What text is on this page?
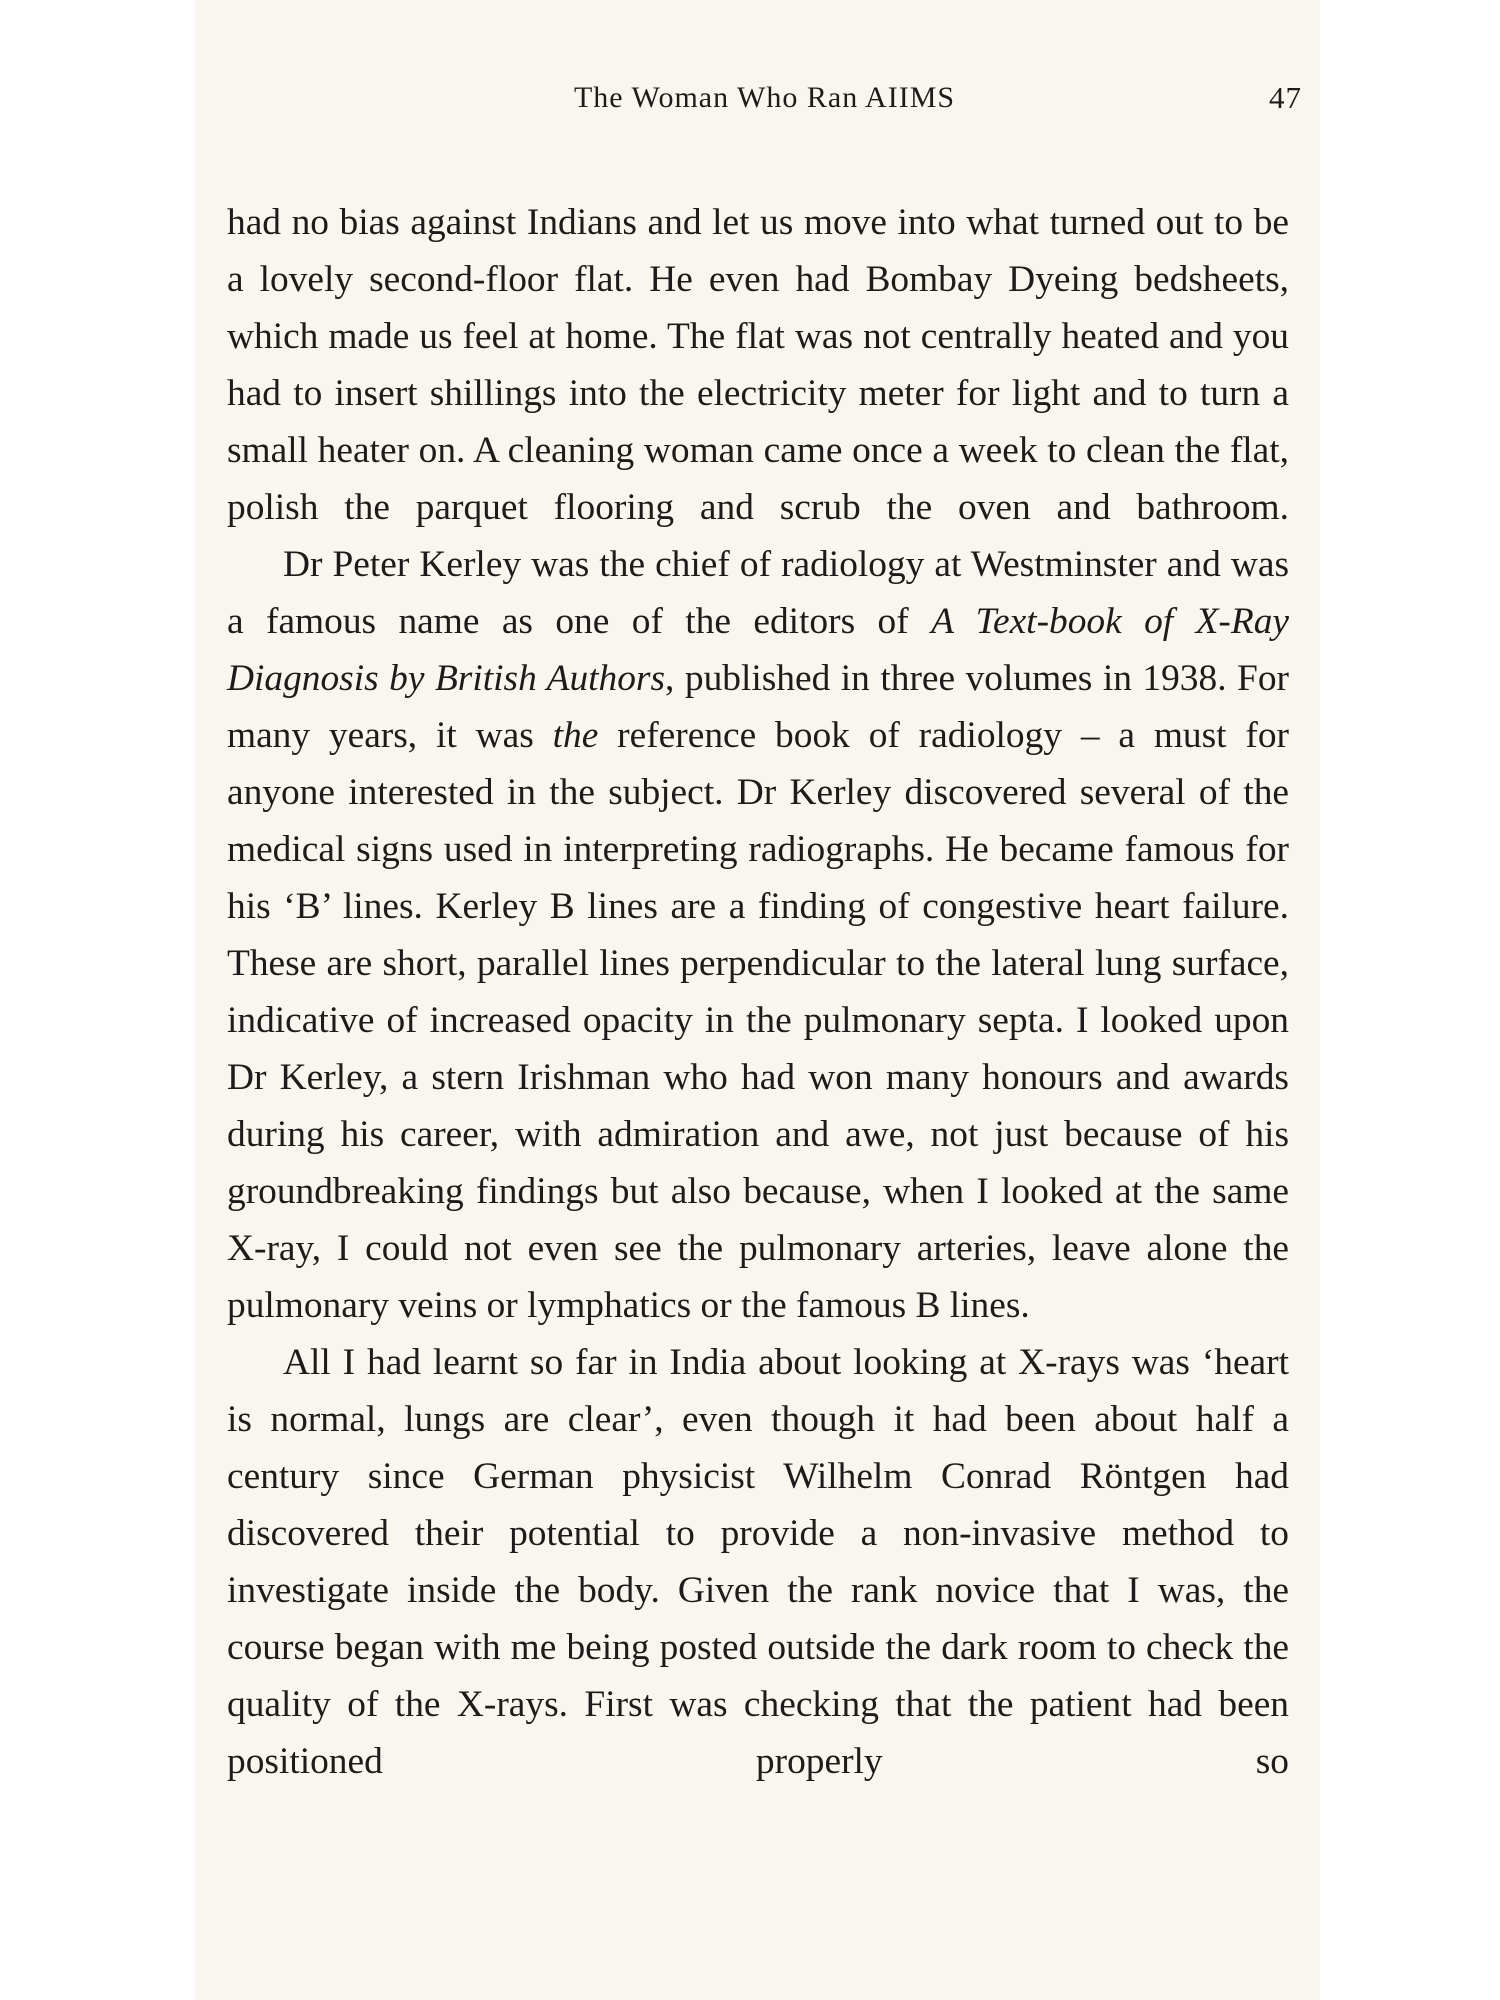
The Woman Who Ran AIIMS	47

had no bias against Indians and let us move into what turned out to be a lovely second-floor flat. He even had Bombay Dyeing bedsheets, which made us feel at home. The flat was not centrally heated and you had to insert shillings into the electricity meter for light and to turn a small heater on. A cleaning woman came once a week to clean the flat, polish the parquet flooring and scrub the oven and bathroom.

Dr Peter Kerley was the chief of radiology at Westminster and was a famous name as one of the editors of A Text-book of X-Ray Diagnosis by British Authors, published in three volumes in 1938. For many years, it was the reference book of radiology – a must for anyone interested in the subject. Dr Kerley discovered several of the medical signs used in interpreting radiographs. He became famous for his ‘B’ lines. Kerley B lines are a finding of congestive heart failure. These are short, parallel lines perpendicular to the lateral lung surface, indicative of increased opacity in the pulmonary septa. I looked upon Dr Kerley, a stern Irishman who had won many honours and awards during his career, with admiration and awe, not just because of his groundbreaking findings but also because, when I looked at the same X-ray, I could not even see the pulmonary arteries, leave alone the pulmonary veins or lymphatics or the famous B lines.

All I had learnt so far in India about looking at X-rays was ‘heart is normal, lungs are clear’, even though it had been about half a century since German physicist Wilhelm Conrad Röntgen had discovered their potential to provide a non-invasive method to investigate inside the body. Given the rank novice that I was, the course began with me being posted outside the dark room to check the quality of the X-rays. First was checking that the patient had been positioned properly so
